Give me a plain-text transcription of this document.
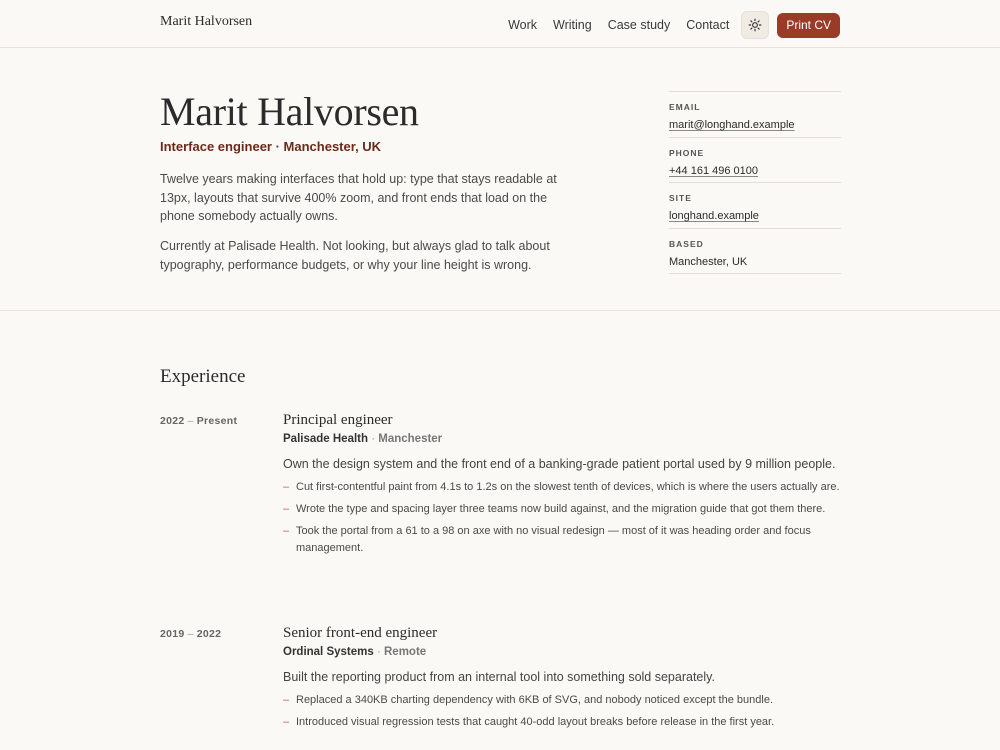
Marit Halvorsen	Work Writing Case study Contact	Print CV
Marit Halvorsen
Interface engineer · Manchester, UK

Twelve years making interfaces that hold up: type that stays readable at 13px, layouts that survive 400% zoom, and front ends that load on the phone somebody actually owns.

Currently at Palisade Health. Not looking, but always glad to talk about typography, performance budgets, or why your line height is wrong.

EMAIL
marit@longhand.example
PHONE
+44 161 496 0100
SITE
longhand.example
BASED
Manchester, UK
Experience
2022 – Present	Principal engineer
Palisade Health · Manchester

Own the design system and the front end of a banking-grade patient portal used by 9 million people.

– Cut first-contentful paint from 4.1s to 1.2s on the slowest tenth of devices, which is where the users actually are.
– Wrote the type and spacing layer three teams now build against, and the migration guide that got them there.
– Took the portal from a 61 to a 98 on axe with no visual redesign — most of it was heading order and focus management.
2019 – 2022	Senior front-end engineer
Ordinal Systems · Remote

Built the reporting product from an internal tool into something sold separately.

– Replaced a 340KB charting dependency with 6KB of SVG, and nobody noticed except the bundle.
– Introduced visual regression tests that caught 40-odd layout breaks before release in the first year.
